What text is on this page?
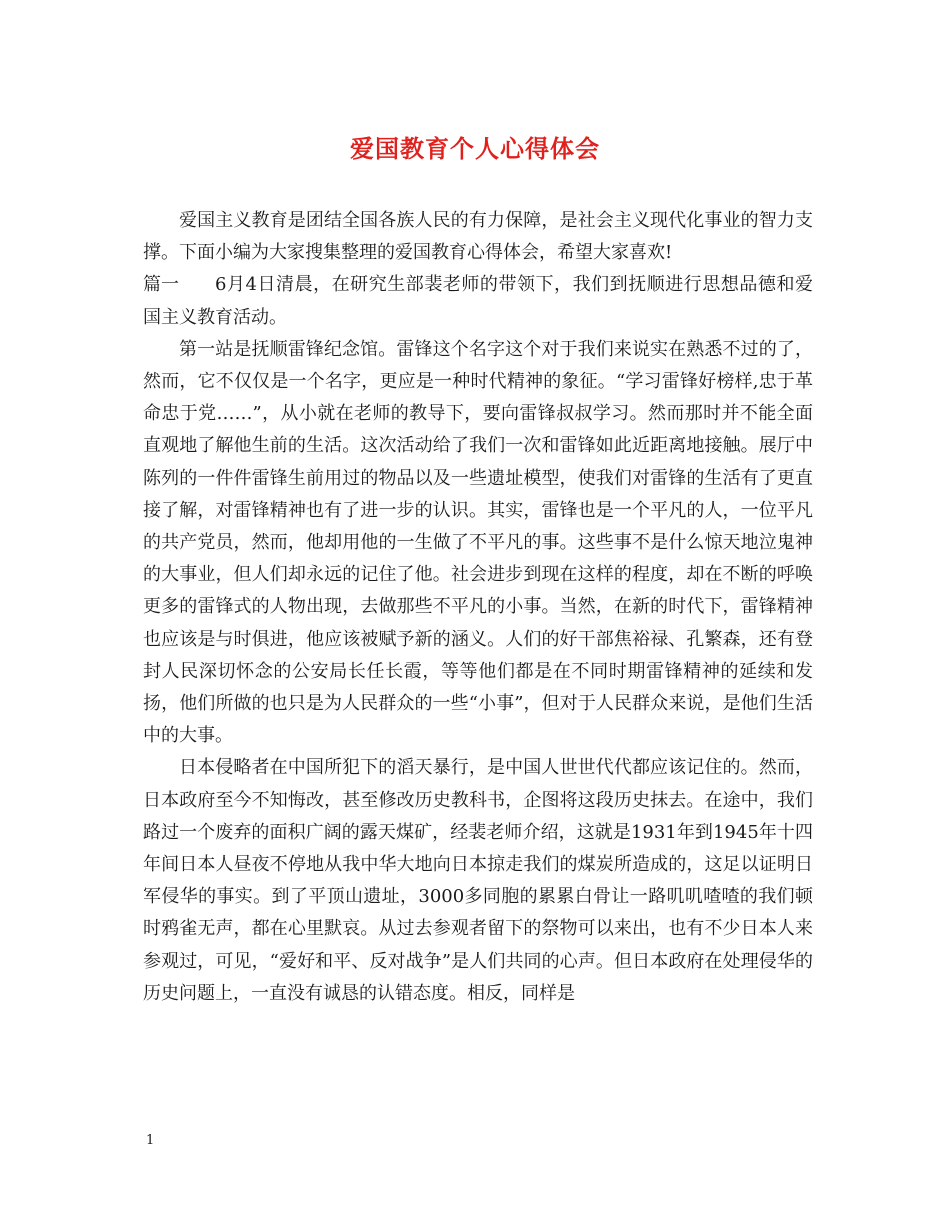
爱国教育个人心得体会

爱国主义教育是团结全国各族人民的有力保障，是社会主义现代化事业的智力支撑。下面小编为大家搜集整理的爱国教育心得体会，希望大家喜欢!

篇一 6月4日清晨，在研究生部裴老师的带领下，我们到抚顺进行思想品德和爱国主义教育活动。

第一站是抚顺雷锋纪念馆。雷锋这个名字这个对于我们来说实在熟悉不过的了，然而，它不仅仅是一个名字，更应是一种时代精神的象征。“学习雷锋好榜样,忠于革命忠于党……”，从小就在老师的教导下，要向雷锋叔叔学习。然而那时并不能全面直观地了解他生前的生活。这次活动给了我们一次和雷锋如此近距离地接触。展厅中陈列的一件件雷锋生前用过的物品以及一些遗址模型，使我们对雷锋的生活有了更直接了解，对雷锋精神也有了进一步的认识。其实，雷锋也是一个平凡的人，一位平凡的共产党员，然而，他却用他的一生做了不平凡的事。这些事不是什么惊天地泣鬼神的大事业，但人们却永远的记住了他。社会进步到现在这样的程度，却在不断的呼唤更多的雷锋式的人物出现，去做那些不平凡的小事。当然，在新的时代下，雷锋精神也应该是与时俱进，他应该被赋予新的涵义。人们的好干部焦裕禄、孔繁森，还有登封人民深切怀念的公安局长任长霞，等等他们都是在不同时期雷锋精神的延续和发扬，他们所做的也只是为人民群众的一些“小事”，但对于人民群众来说，是他们生活中的大事。

日本侵略者在中国所犯下的滔天暴行，是中国人世世代代都应该记住的。然而，日本政府至今不知悔改，甚至修改历史教科书，企图将这段历史抹去。在途中，我们路过一个废弃的面积广阔的露天煤矿，经裴老师介绍，这就是1931年到1945年十四年间日本人昼夜不停地从我中华大地向日本掠走我们的煤炭所造成的，这足以证明日军侵华的事实。到了平顶山遗址，3000多同胞的累累白骨让一路叽叽喳喳的我们顿时鸦雀无声，都在心里默哀。从过去参观者留下的祭物可以来出，也有不少日本人来参观过，可见，“爱好和平、反对战争”是人们共同的心声。但日本政府在处理侵华的历史问题上，一直没有诚恳的认错态度。相反，同样是

1
